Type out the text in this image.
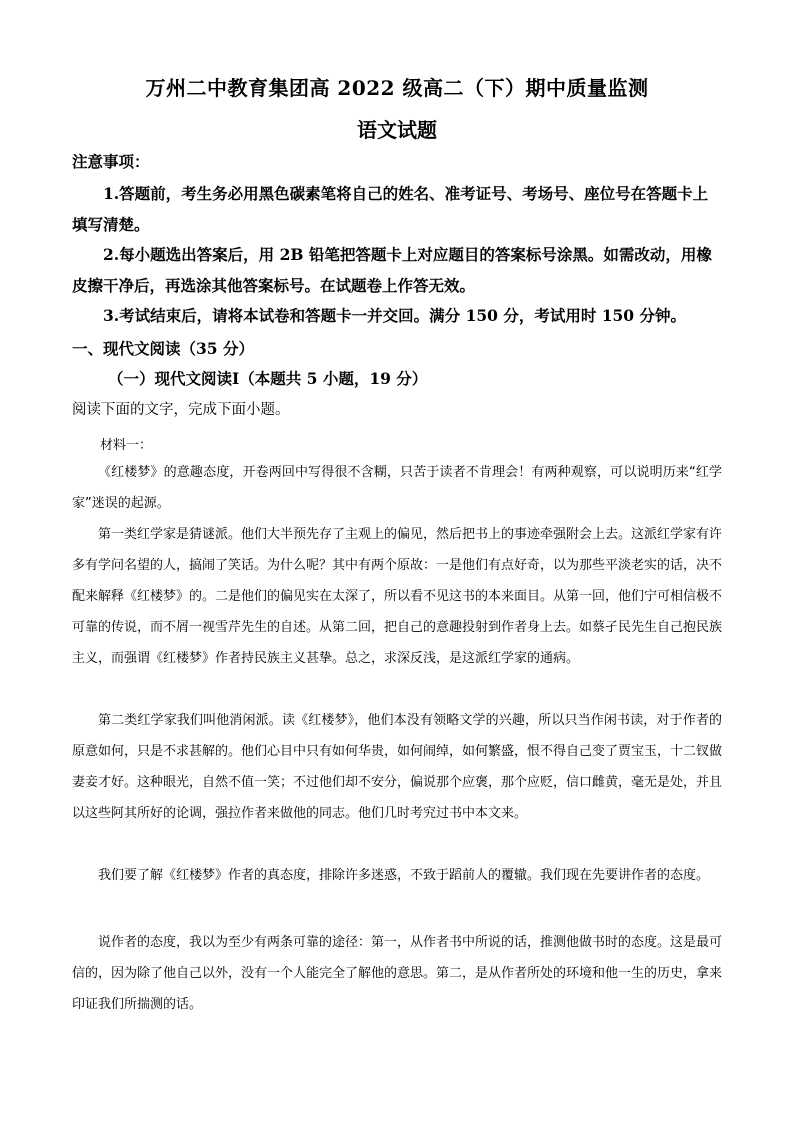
万州二中教育集团高 2022 级高二（下）期中质量监测
语文试题
注意事项：
1.答题前，考生务必用黑色碳素笔将自己的姓名、准考证号、考场号、座位号在答题卡上填写清楚。
2.每小题选出答案后，用 2B 铅笔把答题卡上对应题目的答案标号涂黑。如需改动，用橡皮擦干净后，再选涂其他答案标号。在试题卷上作答无效。
3.考试结束后，请将本试卷和答题卡一并交回。满分 150 分，考试用时 150 分钟。
一、现代文阅读（35 分）
（一）现代文阅读Ⅰ（本题共 5 小题，19 分）
阅读下面的文字，完成下面小题。
材料一：
《红楼梦》的意趣态度，开卷两回中写得很不含糊，只苦于读者不肯理会！有两种观察，可以说明历来“红学家”迷误的起源。
第一类红学家是猜谜派。他们大半预先存了主观上的偏见，然后把书上的事迹牵强附会上去。这派红学家有许多有学问名望的人，搞闹了笑话。为什么呢？其中有两个原故：一是他们有点好奇，以为那些平淡老实的话，决不配来解释《红楼梦》的。二是他们的偏见实在太深了，所以看不见这书的本来面目。从第一回，他们宁可相信极不可靠的传说，而不屑一视雪芹先生的自述。从第二回，把自己的意趣投射到作者身上去。如蔡孑民先生自己抱民族主义，而强谓《红楼梦》作者持民族主义甚挚。总之，求深反浅，是这派红学家的通病。
第二类红学家我们叫他消闲派。读《红楼梦》，他们本没有领略文学的兴趣，所以只当作闲书读，对于作者的原意如何，只是不求甚解的。他们心目中只有如何华贵，如何闹绰，如何繁盛，恨不得自己变了贾宝玉，十二钗做妻妾才好。这种眼光，自然不值一笑；不过他们却不安分，偏说那个应褒，那个应贬，信口雌黄，毫无是处，并且以这些阿其所好的论调，强拉作者来做他的同志。他们几时考究过书中本文来。
我们要了解《红楼梦》作者的真态度，排除许多迷惑，不致于蹈前人的覆辙。我们现在先要讲作者的态度。
说作者的态度，我以为至少有两条可靠的途径：第一，从作者书中所说的话，推测他做书时的态度。这是最可信的，因为除了他自己以外，没有一个人能完全了解他的意思。第二，是从作者所处的环境和他一生的历史，拿来印证我们所揣测的话。
